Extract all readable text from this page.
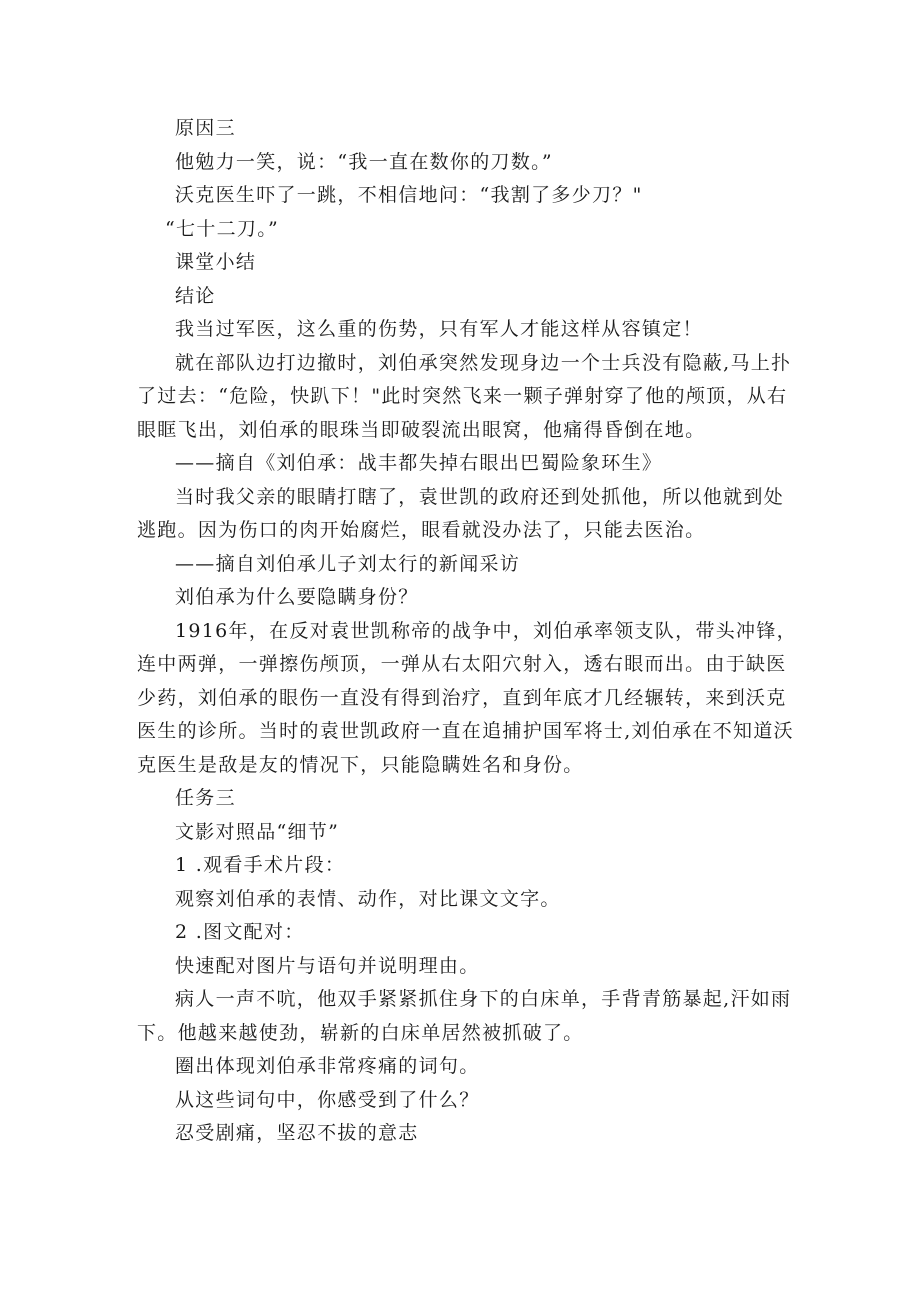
原因三

他勉力一笑，说：“我一直在数你的刀数。”

沃克医生吓了一跳，不相信地问：“我割了多少刀？"

“七十二刀。”

课堂小结

结论

我当过军医，这么重的伤势，只有军人才能这样从容镇定！

就在部队边打边撤时，刘伯承突然发现身边一个士兵没有隐蔽,马上扑了过去：“危险，快趴下！"此时突然飞来一颗子弹射穿了他的颅顶，从右眼眶飞出，刘伯承的眼珠当即破裂流出眼窝，他痛得昏倒在地。

——摘自《刘伯承：战丰都失掉右眼出巴蜀险象环生》

当时我父亲的眼睛打瞎了，袁世凯的政府还到处抓他，所以他就到处逃跑。因为伤口的肉开始腐烂，眼看就没办法了，只能去医治。

——摘自刘伯承儿子刘太行的新闻采访

刘伯承为什么要隐瞒身份？

1916年，在反对袁世凯称帝的战争中，刘伯承率领支队，带头冲锋，连中两弹，一弹擦伤颅顶，一弹从右太阳穴射入，透右眼而出。由于缺医少药，刘伯承的眼伤一直没有得到治疗，直到年底才几经辗转，来到沃克医生的诊所。当时的袁世凯政府一直在追捕护国军将士,刘伯承在不知道沃克医生是敌是友的情况下，只能隐瞒姓名和身份。

任务三

文影对照品“细节”

1 .观看手术片段：

观察刘伯承的表情、动作，对比课文文字。

2 .图文配对：

快速配对图片与语句并说明理由。

病人一声不吭，他双手紧紧抓住身下的白床单，手背青筋暴起,汗如雨下。他越来越使劲，崭新的白床单居然被抓破了。

圈出体现刘伯承非常疼痛的词句。

从这些词句中，你感受到了什么？

忍受剧痛，坚忍不拔的意志
